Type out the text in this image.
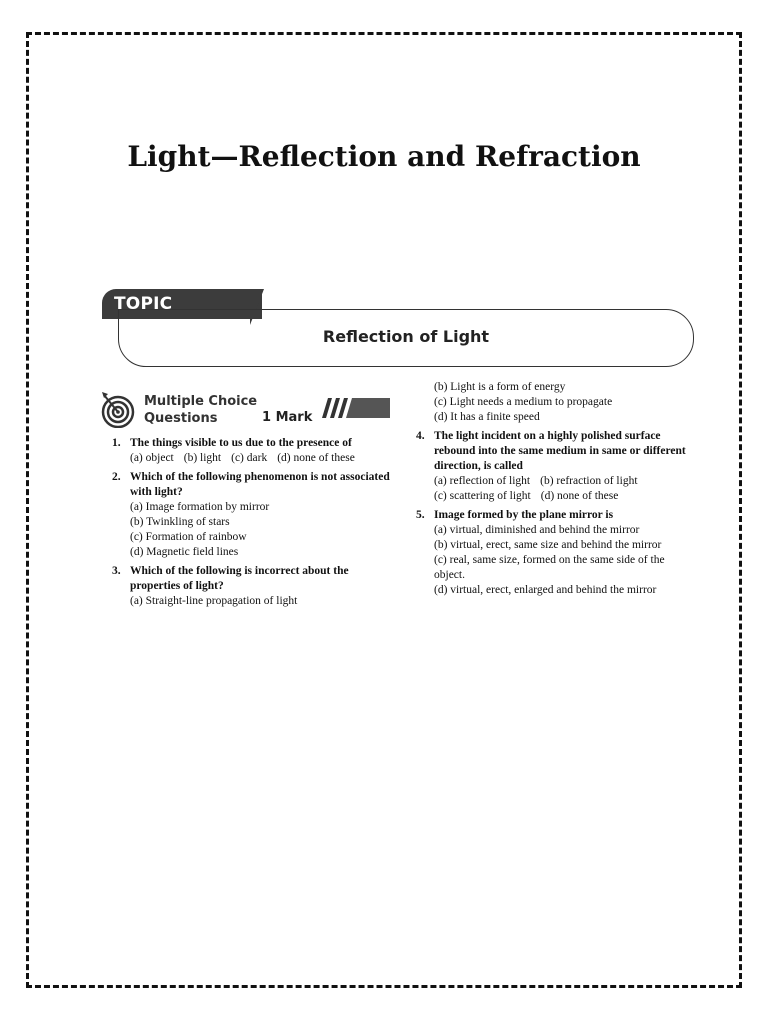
Light—Reflection and Refraction
TOPIC COVERED	Reflection of Light
Multiple Choice
Questions	1 Mark
1. The things visible to us due to the presence of
(a) object (b) light (c) dark (d) none of these
2. Which of the following phenomenon is not associated with light?
(a) Image formation by mirror
(b) Twinkling of stars
(c) Formation of rainbow
(d) Magnetic field lines
3. Which of the following is incorrect about the properties of light?
(a) Straight-line propagation of light
(b) Light is a form of energy
(c) Light needs a medium to propagate
(d) It has a finite speed
4. The light incident on a highly polished surface rebound into the same medium in same or different direction, is called
(a) reflection of light (b) refraction of light
(c) scattering of light (d) none of these
5. Image formed by the plane mirror is
(a) virtual, diminished and behind the mirror
(b) virtual, erect, same size and behind the mirror
(c) real, same size, formed on the same side of the object.
(d) virtual, erect, enlarged and behind the mirror
